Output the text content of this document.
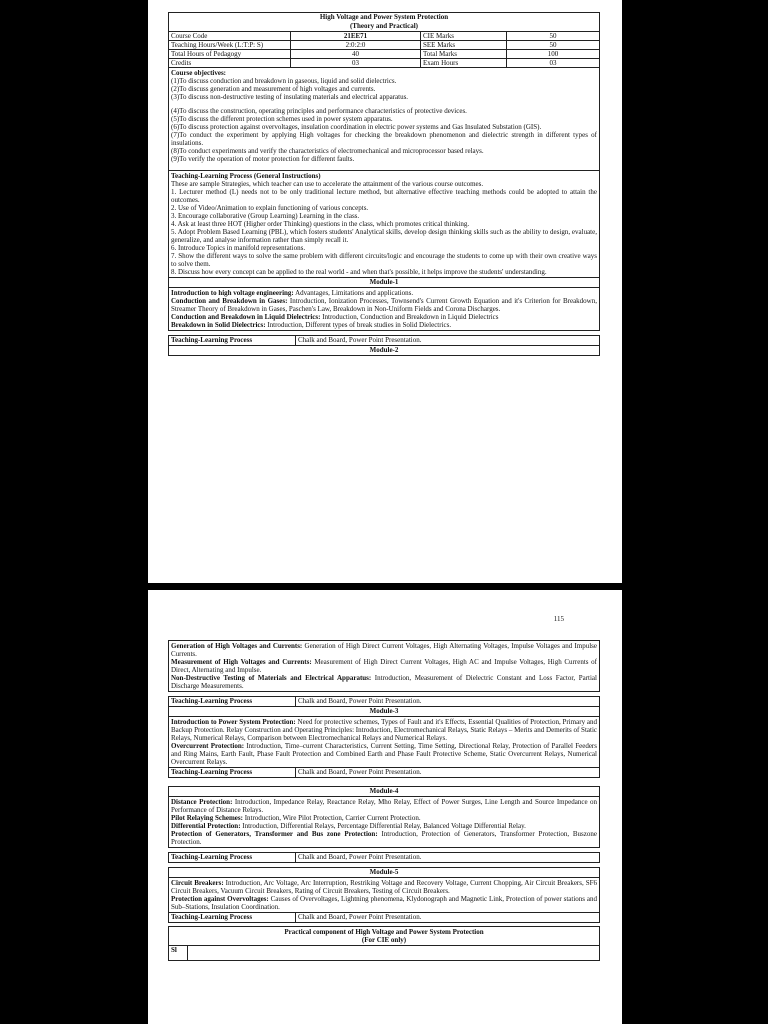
High Voltage and Power System Protection
(Theory and Practical)			

Course Code	21EE71	CIE Marks	50
Teaching Hours/Week (L:T:P: S)	2:0:2:0	SEE Marks	50
Total Hours of Pedagogy	40	Total Marks	100
Credits	03	Exam Hours	03

Course objectives:

(1)To discuss conduction and breakdown in gaseous, liquid and solid dielectrics.

(2)To discuss generation and measurement of high voltages and currents.

(3)To discuss non-destructive testing of insulating materials and electrical apparatus.

(4)To discuss the construction, operating principles and performance characteristics of protective devices.

(5)To discuss the different protection schemes used in power system apparatus.

(6)To discuss protection against overvoltages, insulation coordination in electric power systems and Gas Insulated Substation (GIS).

(7)To conduct the experiment by applying High voltages for checking the breakdown phenomenon and dielectric strength in different types of insulations.

(8)To conduct experiments and verify the characteristics of electromechanical and microprocessor based relays.

(9)To verify the operation of motor protection for different faults.

Teaching-Learning Process (General Instructions)

These are sample Strategies, which teacher can use to accelerate the attainment of the various course outcomes.

1. Lecturer method (L) needs not to be only traditional lecture method, but alternative effective teaching methods could be adopted to attain the outcomes.

2. Use of Video/Animation to explain functioning of various concepts.

3. Encourage collaborative (Group Learning) Learning in the class.

4. Ask at least three HOT (Higher order Thinking) questions in the class, which promotes critical thinking.

5. Adopt Problem Based Learning (PBL), which fosters students' Analytical skills, develop design thinking skills such as the ability to design, evaluate, generalize, and analyse information rather than simply recall it.

6. Introduce Topics in manifold representations.

7. Show the different ways to solve the same problem with different circuits/logic and encourage the students to come up with their own creative ways to solve them.

8. Discuss how every concept can be applied to the real world - and when that's possible, it helps improve the students' understanding.

Module-1

Introduction to high voltage engineering: Advantages, Limitations and applications.

Conduction and Breakdown in Gases: Introduction, Ionization Processes, Townsend's Current Growth Equation and it's Criterion for Breakdown, Streamer Theory of Breakdown in Gases, Paschen's Law, Breakdown in Non-Uniform Fields and Corona Discharges.

Conduction and Breakdown in Liquid Dielectrics: Introduction, Conduction and Breakdown in Liquid Dielectrics

Breakdown in Solid Dielectrics: Introduction, Different types of break studies in Solid Dielectrics.

Teaching-Learning Process	Chalk and Board, Power Point Presentation.
Module-2
115

Generation of High Voltages and Currents: Generation of High Direct Current Voltages, High Alternating Voltages, Impulse Voltages and Impulse Currents.

Measurement of High Voltages and Currents: Measurement of High Direct Current Voltages, High AC and Impulse Voltages, High Currents of Direct, Alternating and Impulse.

Non-Destructive Testing of Materials and Electrical Apparatus: Introduction, Measurement of Dielectric Constant and Loss Factor, Partial Discharge Measurements.

Teaching-Learning Process	Chalk and Board, Power Point Presentation.
Module-3

Introduction to Power System Protection: Need for protective schemes, Types of Fault and it's Effects, Essential Qualities of Protection, Primary and Backup Protection. Relay Construction and Operating Principles: Introduction, Electromechanical Relays, Static Relays – Merits and Demerits of Static Relays, Numerical Relays, Comparison between Electromechanical Relays and Numerical Relays.

Overcurrent Protection: Introduction, Time–current Characteristics, Current Setting, Time Setting, Directional Relay, Protection of Parallel Feeders and Ring Mains, Earth Fault, Phase Fault Protection and Combined Earth and Phase Fault Protective Scheme, Static Overcurrent Relays, Numerical Overcurrent Relays.

Teaching-Learning Process	Chalk and Board, Power Point Presentation.
Module-4

Distance Protection: Introduction, Impedance Relay, Reactance Relay, Mho Relay, Effect of Power Surges, Line Length and Source Impedance on Performance of Distance Relays.

Pilot Relaying Schemes: Introduction, Wire Pilot Protection, Carrier Current Protection.

Differential Protection: Introduction, Differential Relays, Percentage Differential Relay, Balanced Voltage Differential Relay.

Protection of Generators, Transformer and Bus zone Protection: Introduction, Protection of Generators, Transformer Protection, Buszone Protection.

Teaching-Learning Process	Chalk and Board, Power Point Presentation.
Module-5

Circuit Breakers: Introduction, Arc Voltage, Arc Interruption, Restriking Voltage and Recovery Voltage, Current Chopping, Air Circuit Breakers, SF6 Circuit Breakers, Vacuum Circuit Breakers, Rating of Circuit Breakers, Testing of Circuit Breakers.

Protection against Overvoltages: Causes of Overvoltages, Lightning phenomena, Klydonograph and Magnetic Link, Protection of power stations and Sub–Stations, Insulation Coordination.

Teaching-Learning Process	Chalk and Board, Power Point Presentation.
Practical component of High Voltage and Power System Protection
(For CIE only)
Sl
